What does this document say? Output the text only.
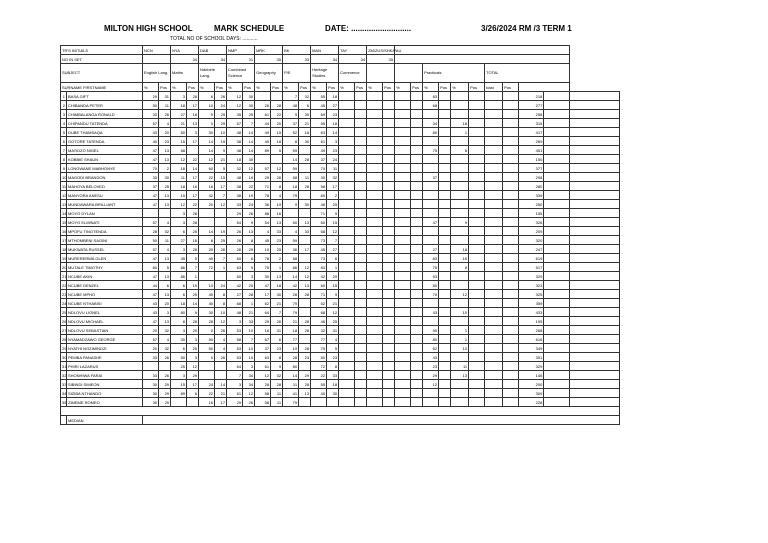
MILTON HIGH SCHOOL	MARK SCHEDULE	DATE: ...........................	3/26/2024 RM /3 TERM 1
TOTAL NO OF SCHOOL DAYS: ...........
TR'S INITIALS		NCN		NYA		DAB		NMP		MRK		BK		MAN		TAY		ZM/ZUS/SHK/PAU												
NO IN SET				34		34		31		35		33		34		34		35												
SUBJECT		English Lang.		Maths		Ndebele Lang.		Combined Science		Geography		P/E		Heritage Studies		Commerce						Practicals				TOTAL				
SURNAME FIRSTNAME		%	Pos	%	Pos	%	Pos	%	Pos	%	Pos	%	Pos	%	Pos	%	Pos	%	Pos	%	Pos	%	Pos	%	Pos	total	Pos			
1	BASA GIFT	29	31	3	28	6	26	12	30			7	32	55	18							83						218		
2	CHIBANDA PETER	50	11	18	17	10	24	12	30	26	28	48	6	45	27							68						277		
3	CHIMBALANGA RONALD	33	26	27	18	9	29	35	25	61	22	9	30	69	23													258		
4	CHIPANDU TATENDA	57	4	21	13	0	29	57	7	44	20	37	21	55	18							34		18				315		
5	DUBE THAMSAQA	43	20	50	3	30	10	48	14	49	15	52	18	63	14							80		1				417		
6	GOTORE TATENDA	40	23	15	17	14	19	38	14	40	18	8	30	61	3													269		
7	MATIDZO NIGEL	47	13	68		14	9	48	14	89	5	59		49	23							75		8				451		
8	KOBBIE SHAUN	47	13	12	22	12	21	18	30			14	28	37	24													150		
9	LONGWANE MABHONYE	70	2	18	14	60	5	32	12	57	12	59		70	11													377		
10	MAGODI BRANDON	33	30	11	17	22	15	48	19	29	26	58	11	30	32							37						298		
11	MAHOYA BELOVED	37	25	18	16	16	17	38	22	71	8	18	28	58	17													280		
12	MANYORA ANESU	47	13	15	17	42	7	38	19	78	4	79		60	2													339		
13	MUNDAWARA BRILLIANT	47	13	12	22	20	12	33	24	36	19	9	30	46	25													250		
14	MOYO DYLAN			3	28			29	26	88	16			71	9													155		
15	MOYO ELMINATI	57	4	3	28			54	9	54	13	60	13	60	15							47		9				326		
16	MPOFU TINOTENDA	28	32	6	25	14	19	26	13	4	33	4	33	68	12													209		
17	MTHOMBENI SAGINI	50	11	27	18	8	25	26	8	45	23	59		73	7													320		
18	MUKWATA RUSSEL	57	4	3	28	20	26	26	29	10	25	36	17	45	27							27		18				247		
19	MURERERWA GLEN	47	13	45	5	40	7	60	6	78	2	68		73	6							83		16				619		
20	MUTALE TIMOTHY	60	5	86	7	72	1	63	5	75	1	66	12	83	1							75		8				517		
21	NCUBE AKIN	47	13	86	1			60	3	30	13	14	12	42	29							53						329		
22	NCUBE DENZEL	44	6	6	19	10	24	42	20	47	18	42	13	60	15							50						323		
23	NCUBE MPHO	47	13	6	25	40	8	27	28	17	30	28	28	71	9							70		12				325		
24	NCUBE NTHABISI	43	20	18	14	40	8	68	1	62	21	79		52	21													359		
25	NDLOVU LIONEL	43	3	80	9	30	10	48	21	64	7	79		68	12							43		10				433		
26	NDLOVU MICHAEL	47	13	8	28	28	12	3	33	29	26	21	28	46	25													195		
27	NDLOVU SEBASTIAN	20	32	3	29	0	26	53	10	16	31	18	28	32	31							90		1				268		
28	NYAMADZAWO GEORGE	57	4	30	3	50	4	58	7	67	6	77		77	4							80		1				616		
29	NYATHI NOZIMINDZI	20	32	6	25	50	4	53	10	37	23	19	28	75	5							62		10				349		
30	PEMBA PANASHE	33	26	50	3	0	26	53	10	63	8	28	23	50	23							43						351		
31	PHIRI LAZARUS			25	12			64	3	61	9	80		72	8							23		11				329		
32	SHONHIWA FARAI	33	26	3	29			7	34	12	32	14	29	22	33							29		13				146		
33	SIBINDI SIMEON	30	29	15	17	24	14	3	34	28	28	11	28	55	18							12						200		
34	SIZIBA NTHANDO	30	29	89	6	22	21	51	12	58	11	41	13	40	30													309		
35	ZIMEME ROMEO	30	29			16	17	29	26	58	11	79																228		

	MEDIAN																													
